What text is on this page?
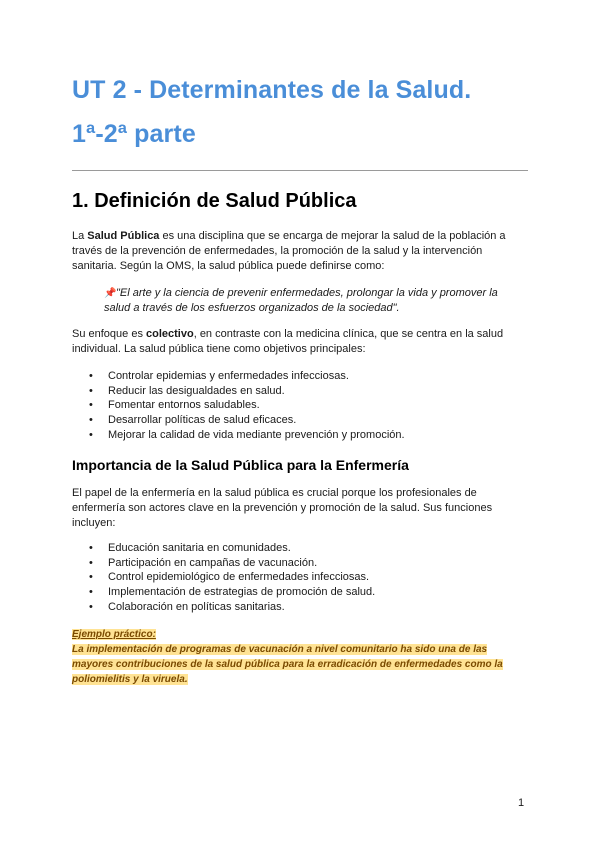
UT 2 - Determinantes de la Salud.
1ª-2ª parte
1. Definición de Salud Pública
La Salud Pública es una disciplina que se encarga de mejorar la salud de la población a través de la prevención de enfermedades, la promoción de la salud y la intervención sanitaria. Según la OMS, la salud pública puede definirse como:
📌"El arte y la ciencia de prevenir enfermedades, prolongar la vida y promover la salud a través de los esfuerzos organizados de la sociedad".
Su enfoque es colectivo, en contraste con la medicina clínica, que se centra en la salud individual. La salud pública tiene como objetivos principales:
• Controlar epidemias y enfermedades infecciosas.
• Reducir las desigualdades en salud.
• Fomentar entornos saludables.
• Desarrollar políticas de salud eficaces.
• Mejorar la calidad de vida mediante prevención y promoción.
Importancia de la Salud Pública para la Enfermería
El papel de la enfermería en la salud pública es crucial porque los profesionales de enfermería son actores clave en la prevención y promoción de la salud. Sus funciones incluyen:
• Educación sanitaria en comunidades.
• Participación en campañas de vacunación.
• Control epidemiológico de enfermedades infecciosas.
• Implementación de estrategias de promoción de salud.
• Colaboración en políticas sanitarias.
Ejemplo práctico:
La implementación de programas de vacunación a nivel comunitario ha sido una de las mayores contribuciones de la salud pública para la erradicación de enfermedades como la poliomielitis y la viruela.
1
